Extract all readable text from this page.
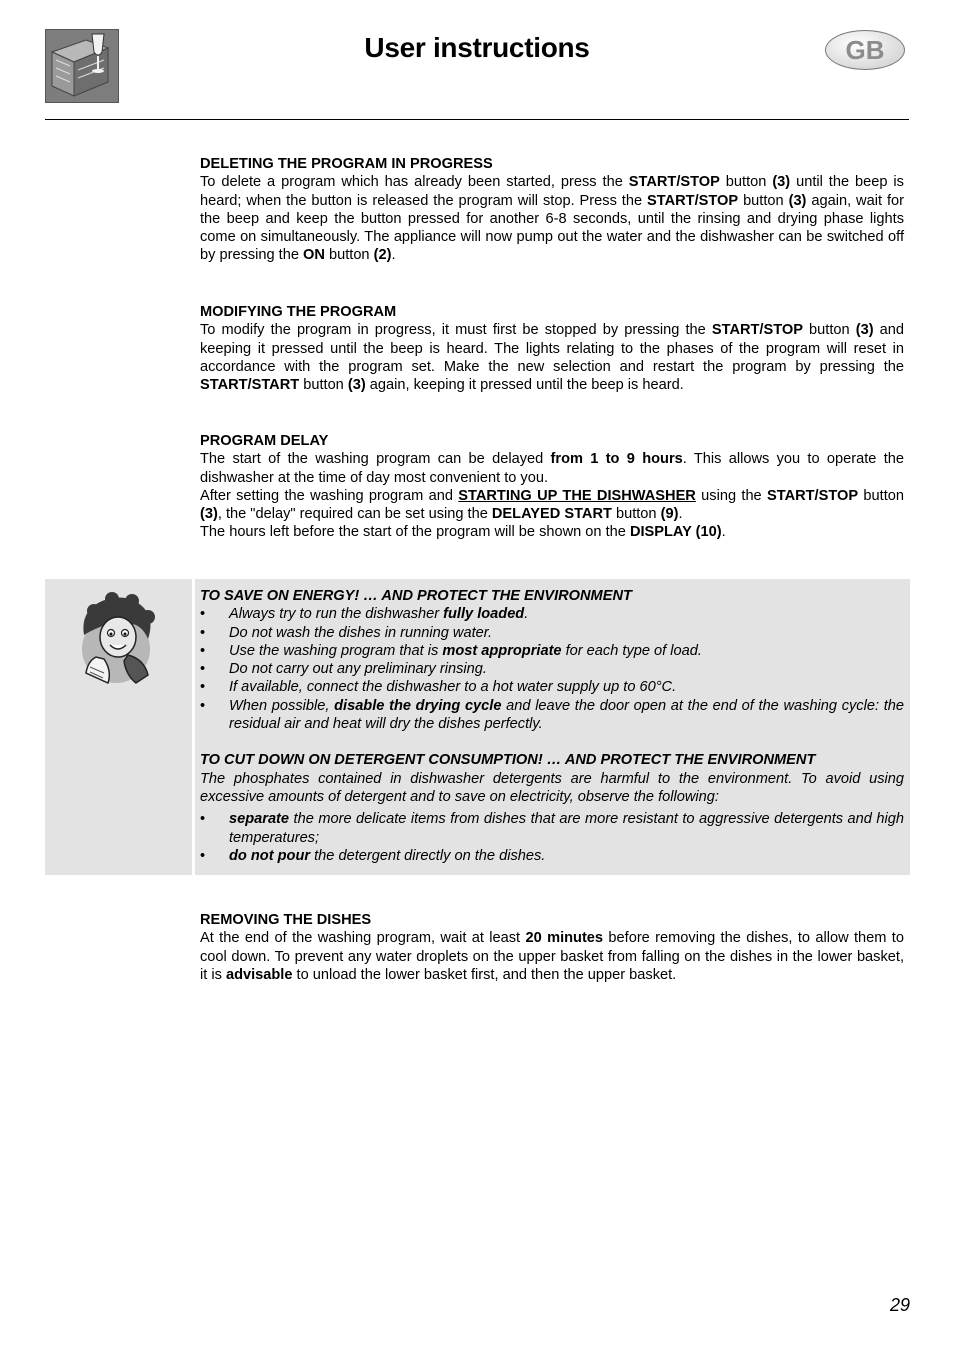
User instructions	GB
DELETING THE PROGRAM IN PROGRESS

To delete a program which has already been started, press the START/STOP button (3) until the beep is heard; when the button is released the program will stop. Press the START/STOP button (3) again, wait for the beep and keep the button pressed for another 6-8 seconds, until the rinsing and drying phase lights come on simultaneously. The appliance will now pump out the water and the dishwasher can be switched off by pressing the ON button (2).

MODIFYING THE PROGRAM

To modify the program in progress, it must first be stopped by pressing the START/STOP button (3) and keeping it pressed until the beep is heard. The lights relating to the phases of the program will reset in accordance with the program set. Make the new selection and restart the program by pressing the START/START button (3) again, keeping it pressed until the beep is heard.

PROGRAM DELAY

The start of the washing program can be delayed from 1 to 9 hours. This allows you to operate the dishwasher at the time of day most convenient to you.

After setting the washing program and STARTING UP THE DISHWASHER using the START/STOP button (3), the "delay" required can be set using the DELAYED START button (9).

The hours left before the start of the program will be shown on the DISPLAY (10).

TO SAVE ON ENERGY! … AND PROTECT THE ENVIRONMENT
• Always try to run the dishwasher fully loaded.
• Do not wash the dishes in running water.
• Use the washing program that is most appropriate for each type of load.
• Do not carry out any preliminary rinsing.
• If available, connect the dishwasher to a hot water supply up to 60°C.
• When possible, disable the drying cycle and leave the door open at the end of the washing cycle: the residual air and heat will dry the dishes perfectly.
TO CUT DOWN ON DETERGENT CONSUMPTION! … AND PROTECT THE ENVIRONMENT

The phosphates contained in dishwasher detergents are harmful to the environment. To avoid using excessive amounts of detergent and to save on electricity, observe the following:

• separate the more delicate items from dishes that are more resistant to aggressive detergents and high temperatures;
• do not pour the detergent directly on the dishes.
REMOVING THE DISHES

At the end of the washing program, wait at least 20 minutes before removing the dishes, to allow them to cool down. To prevent any water droplets on the upper basket from falling on the dishes in the lower basket, it is advisable to unload the lower basket first, and then the upper basket.

29
